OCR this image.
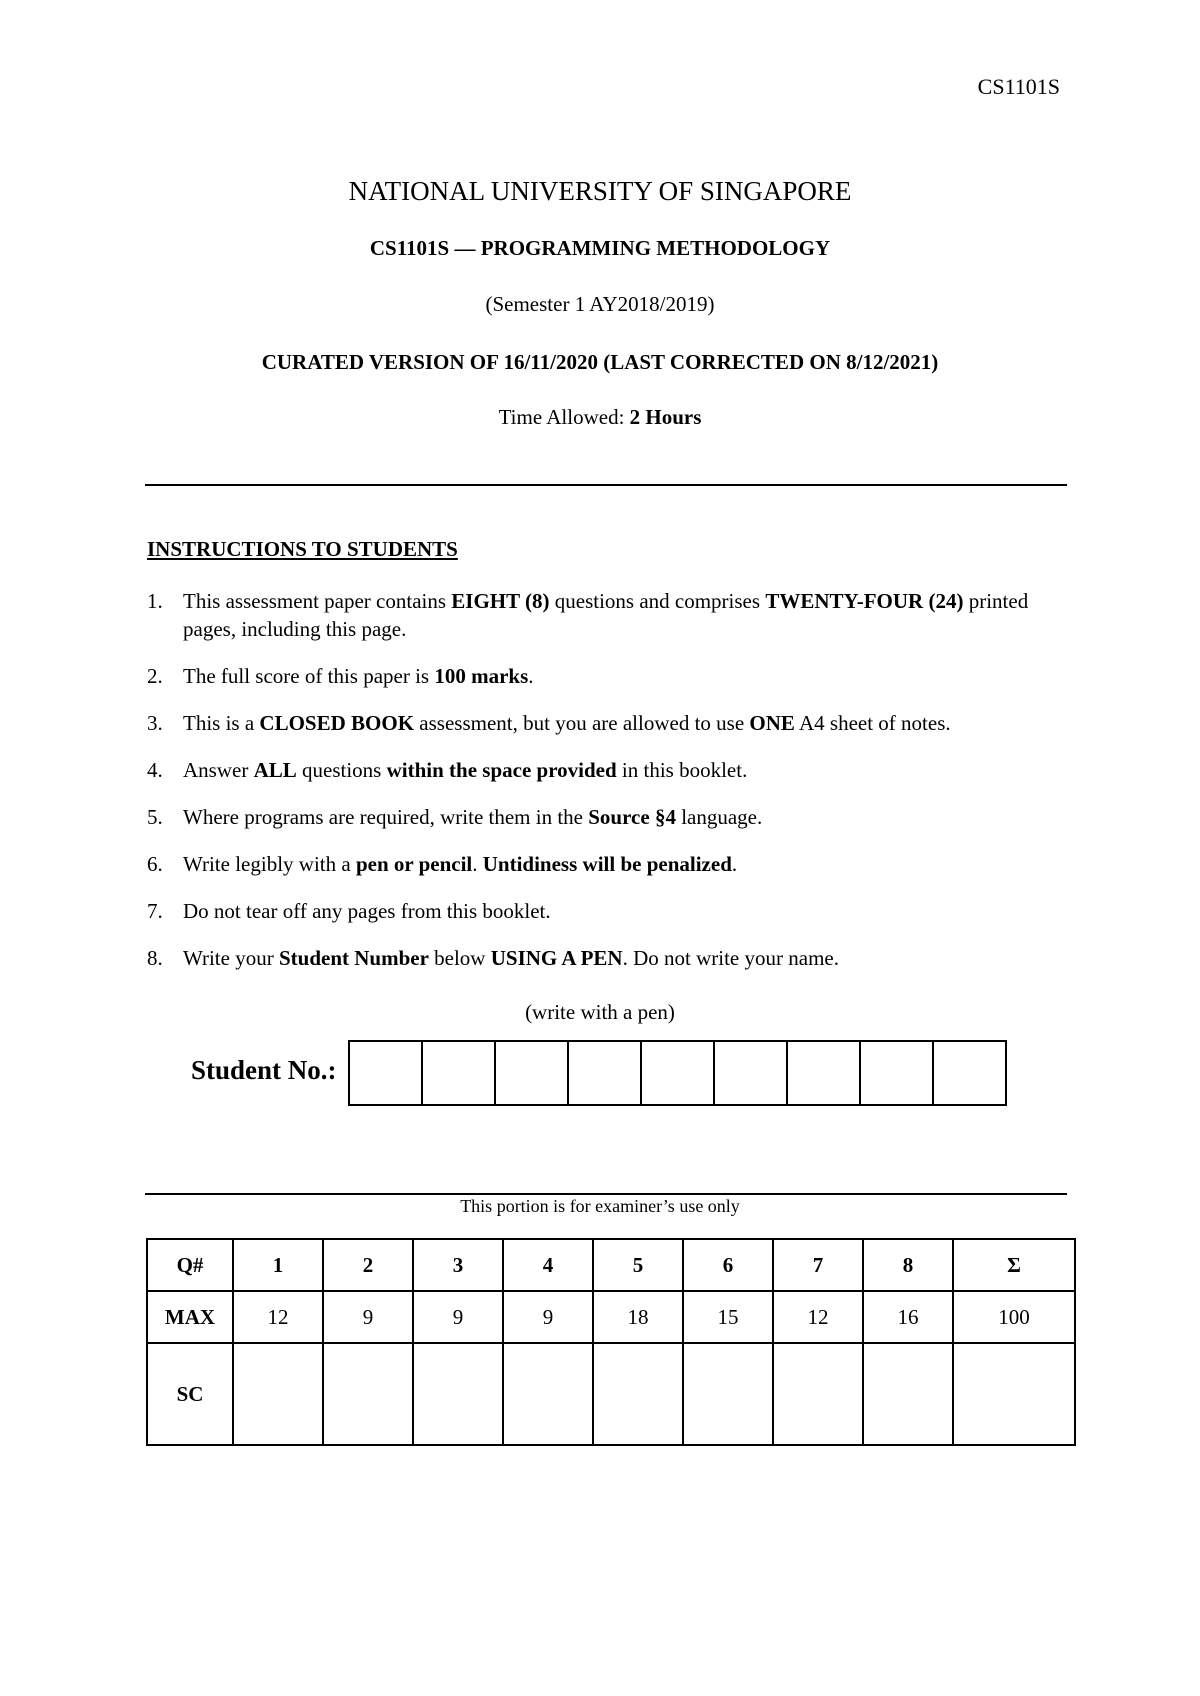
CS1101S
NATIONAL UNIVERSITY OF SINGAPORE
CS1101S — PROGRAMMING METHODOLOGY
(Semester 1 AY2018/2019)
CURATED VERSION OF 16/11/2020 (LAST CORRECTED ON 8/12/2021)
Time Allowed: 2 Hours
INSTRUCTIONS TO STUDENTS
1. This assessment paper contains EIGHT (8) questions and comprises TWENTY-FOUR (24) printed pages, including this page.
2. The full score of this paper is 100 marks.
3. This is a CLOSED BOOK assessment, but you are allowed to use ONE A4 sheet of notes.
4. Answer ALL questions within the space provided in this booklet.
5. Where programs are required, write them in the Source §4 language.
6. Write legibly with a pen or pencil. Untidiness will be penalized.
7. Do not tear off any pages from this booklet.
8. Write your Student Number below USING A PEN. Do not write your name.
(write with a pen)
Student No.:
This portion is for examiner’s use only
Q#	1	2	3	4	5	6	7	8	Σ
MAX	12	9	9	9	18	15	12	16	100
SC									
